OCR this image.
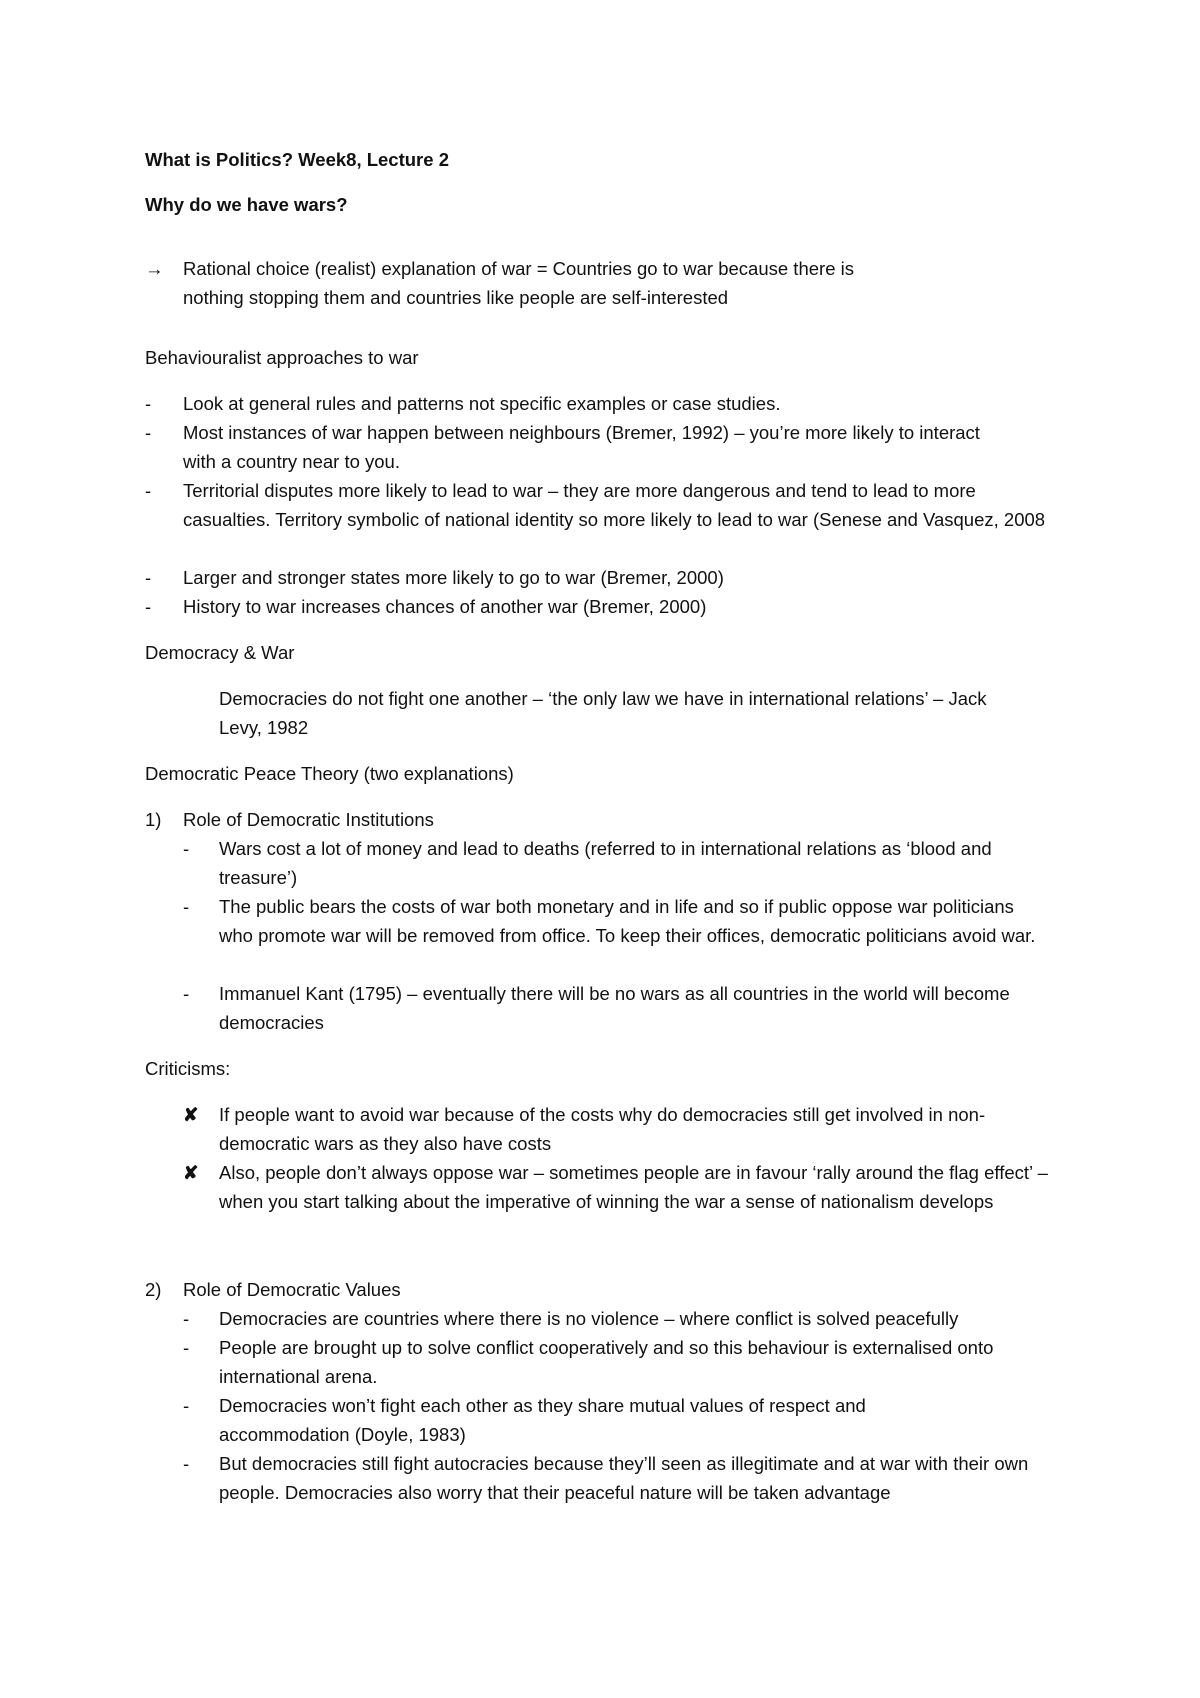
What is Politics? Week8, Lecture 2

Why do we have wars?

→ Rational choice (realist) explanation of war = Countries go to war because there is nothing stopping them and countries like people are self-interested

Behaviouralist approaches to war

- Look at general rules and patterns not specific examples or case studies.
- Most instances of war happen between neighbours (Bremer, 1992) – you’re more likely to interact with a country near to you.
- Territorial disputes more likely to lead to war – they are more dangerous and tend to lead to more casualties. Territory symbolic of national identity so more likely to lead to war (Senese and Vasquez, 2008
- Larger and stronger states more likely to go to war (Bremer, 2000)
- History to war increases chances of another war (Bremer, 2000)

Democracy & War

Democracies do not fight one another – ‘the only law we have in international relations’ – Jack Levy, 1982

Democratic Peace Theory (two explanations)

1) Role of Democratic Institutions
- Wars cost a lot of money and lead to deaths (referred to in international relations as ‘blood and treasure’)
- The public bears the costs of war both monetary and in life and so if public oppose war politicians who promote war will be removed from office. To keep their offices, democratic politicians avoid war.
- Immanuel Kant (1795) – eventually there will be no wars as all countries in the world will become democracies

Criticisms:

✘ If people want to avoid war because of the costs why do democracies still get involved in non-democratic wars as they also have costs
✘ Also, people don’t always oppose war – sometimes people are in favour ‘rally around the flag effect’ – when you start talking about the imperative of winning the war a sense of nationalism develops
2) Role of Democratic Values
- Democracies are countries where there is no violence – where conflict is solved peacefully
- People are brought up to solve conflict cooperatively and so this behaviour is externalised onto international arena.
- Democracies won’t fight each other as they share mutual values of respect and accommodation (Doyle, 1983)
- But democracies still fight autocracies because they’ll seen as illegitimate and at war with their own people. Democracies also worry that their peaceful nature will be taken advantage
